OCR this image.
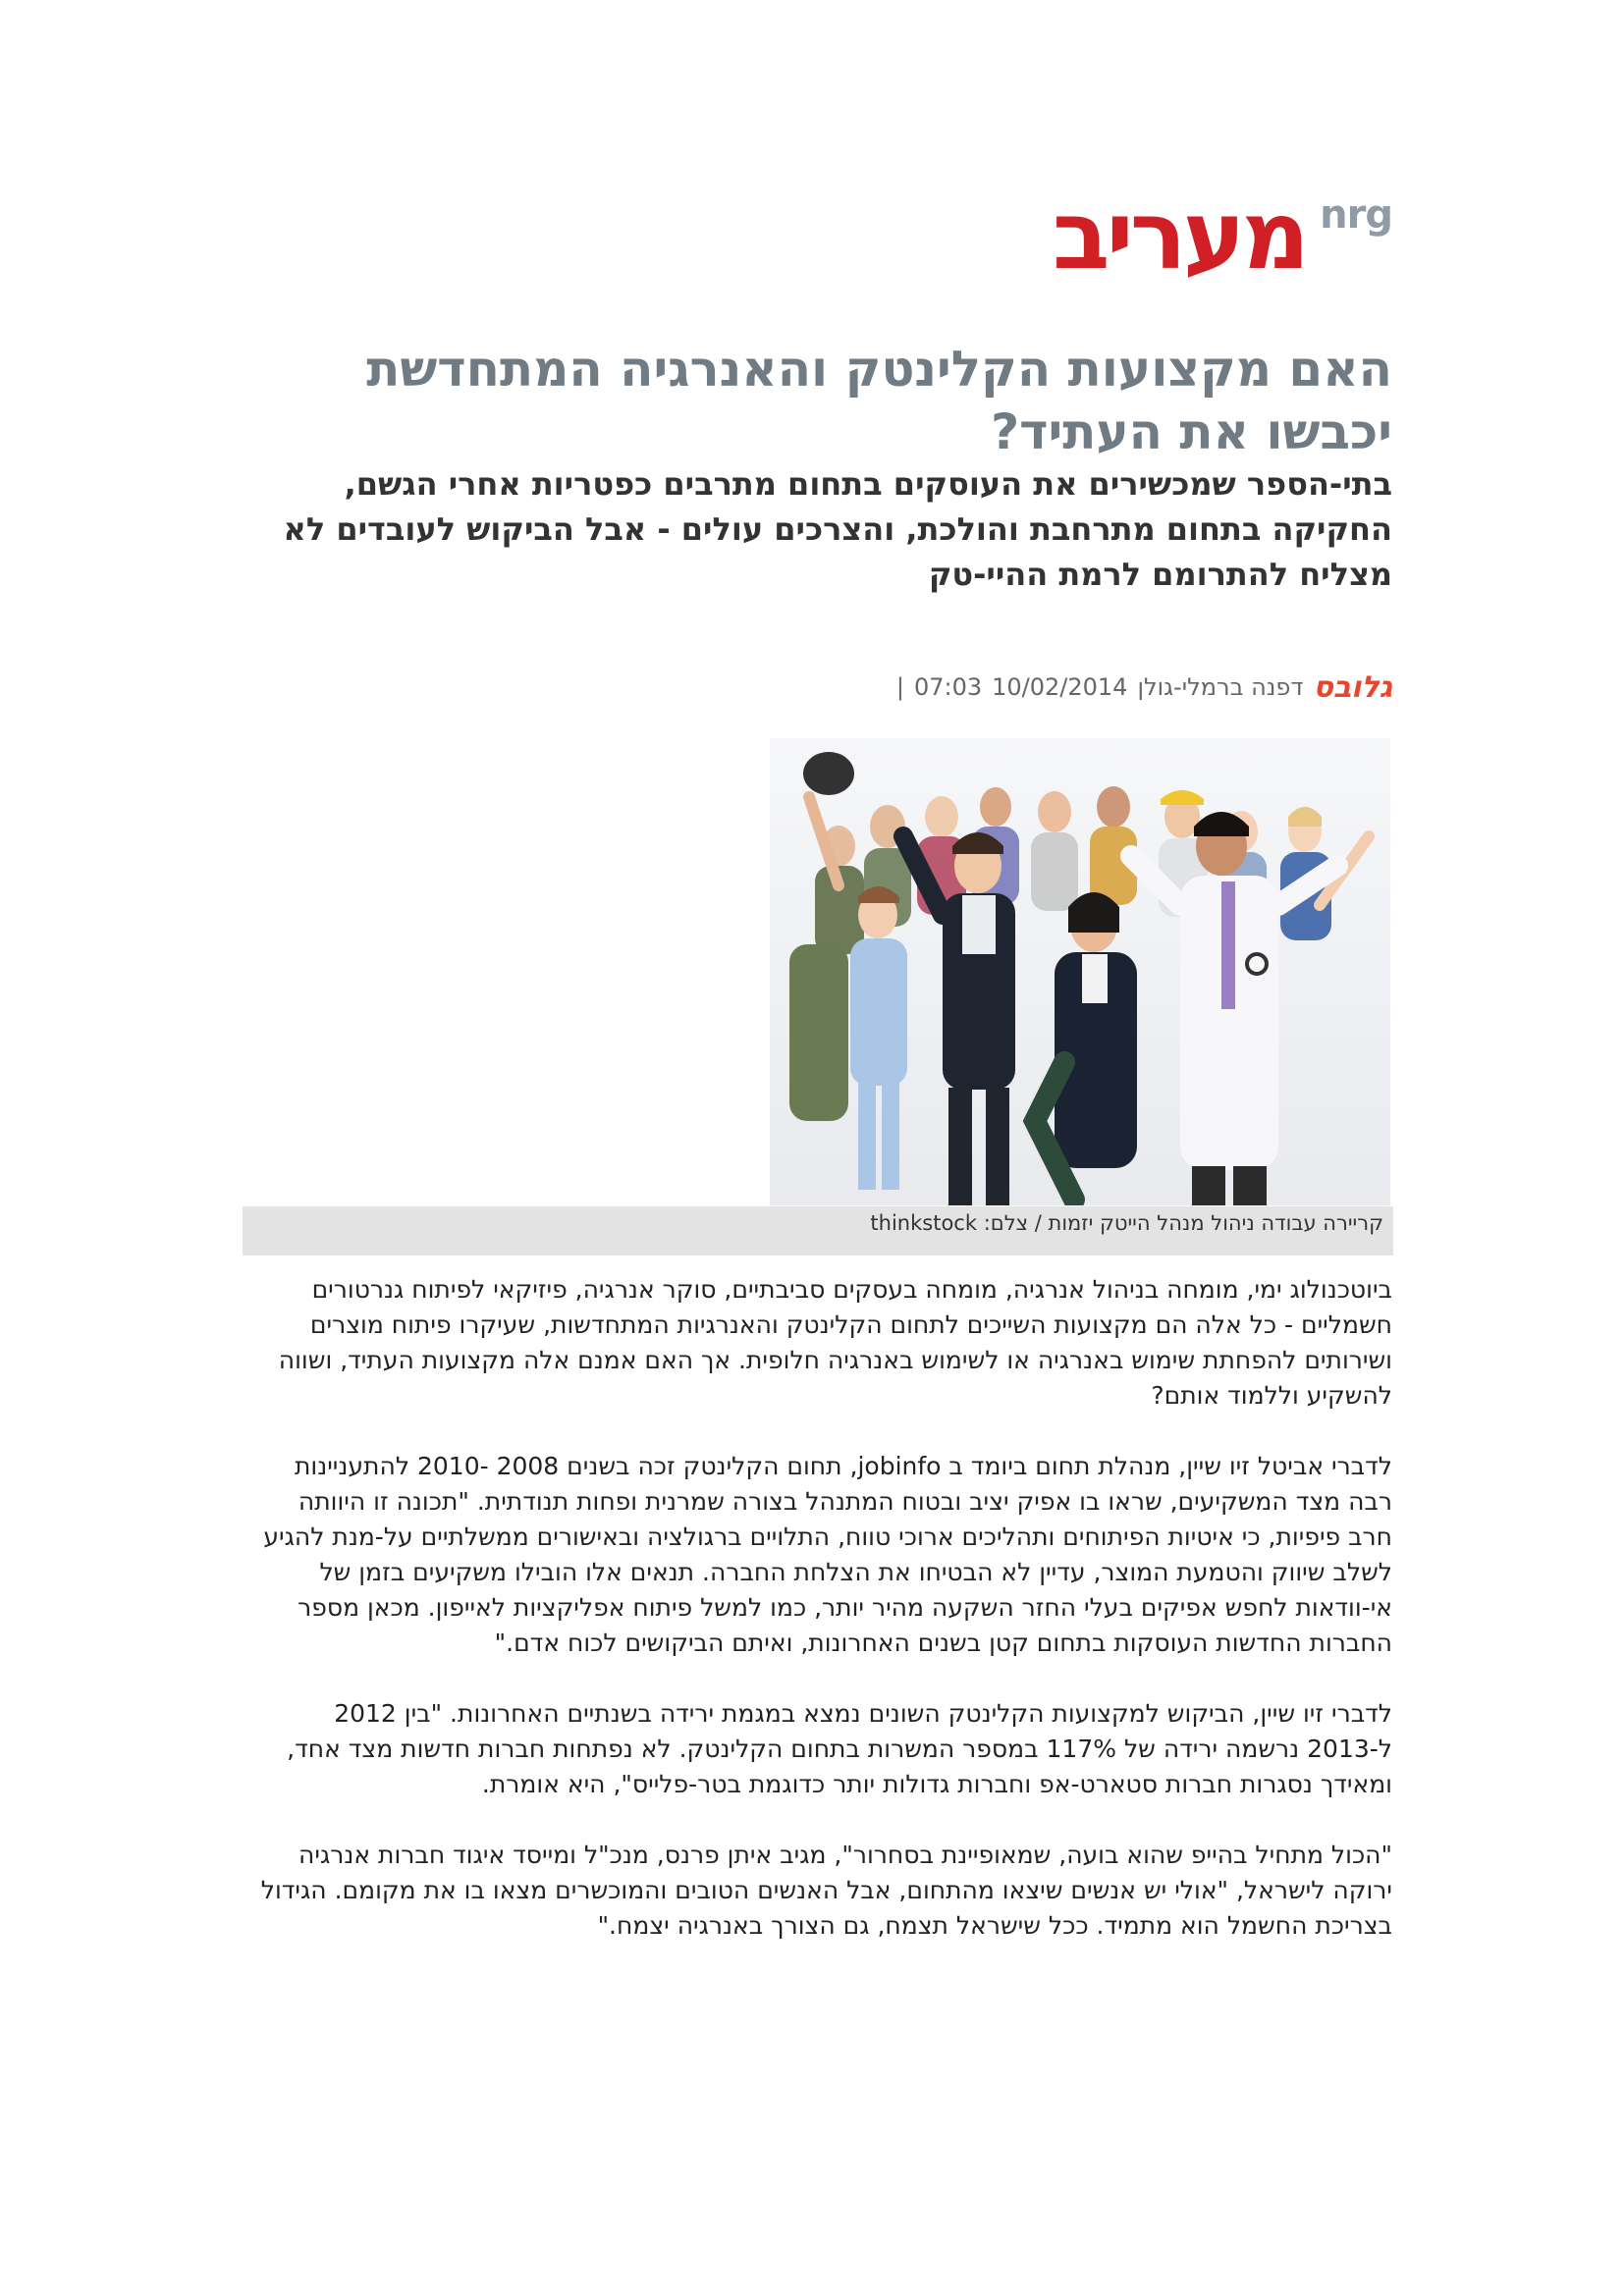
מעריב nrg
האם מקצועות הקלינטק והאנרגיה המתחדשת יכבשו את העתיד?
בתי-הספר שמכשירים את העוסקים בתחום מתרבים כפטריות אחרי הגשם, החקיקה בתחום מתרחבת והולכת, והצרכים עולים - אבל הביקוש לעובדים לא מצליח להתרומם לרמת ההיי-טק
גלובסדפנה ברמלי-גולן07:03 10/02/2014|
קריירה עבודה ניהול מנהל הייטק יזמות / צלם: thinkstock

ביוטכנולוג ימי, מומחה בניהול אנרגיה, מומחה בעסקים סביבתיים, סוקר אנרגיה, פיזיקאי לפיתוח גנרטורים חשמליים - כל אלה הם מקצועות השייכים לתחום הקלינטק והאנרגיות המתחדשות, שעיקרו פיתוח מוצרים ושירותים להפחתת שימוש באנרגיה או לשימוש באנרגיה חלופית. אך האם אמנם אלה מקצועות העתיד, ושווה להשקיע וללמוד אותם?

לדברי אביטל זיו שיין, מנהלת תחום ביומד ב jobinfo, תחום הקלינטק זכה בשנים 2008 -2010 להתעניינות רבה מצד המשקיעים, שראו בו אפיק יציב ובטוח המתנהל בצורה שמרנית ופחות תנודתית. "תכונה זו היוותה חרב פיפיות, כי איטיות הפיתוחים ותהליכים ארוכי טווח, התלויים ברגולציה ובאישורים ממשלתיים על-מנת להגיע לשלב שיווק והטמעת המוצר, עדיין לא הבטיחו את הצלחת החברה. תנאים אלו הובילו משקיעים בזמן של אי-וודאות לחפש אפיקים בעלי החזר השקעה מהיר יותר, כמו למשל פיתוח אפליקציות לאייפון. מכאן מספר החברות החדשות העוסקות בתחום קטן בשנים האחרונות, ואיתם הביקושים לכוח אדם."

לדברי זיו שיין, הביקוש למקצועות הקלינטק השונים נמצא במגמת ירידה בשנתיים האחרונות. "בין 2012 ל-2013 נרשמה ירידה של 117% במספר המשרות בתחום הקלינטק. לא נפתחות חברות חדשות מצד אחד, ומאידך נסגרות חברות סטארט-אפ וחברות גדולות יותר כדוגמת בטר-פלייס", היא אומרת.

"הכול מתחיל בהייפ שהוא בועה, שמאופיינת בסחרור", מגיב איתן פרנס, מנכ"ל ומייסד איגוד חברות אנרגיה ירוקה לישראל, "אולי יש אנשים שיצאו מהתחום, אבל האנשים הטובים והמוכשרים מצאו בו את מקומם. הגידול בצריכת החשמל הוא מתמיד. ככל שישראל תצמח, גם הצורך באנרגיה יצמח."
